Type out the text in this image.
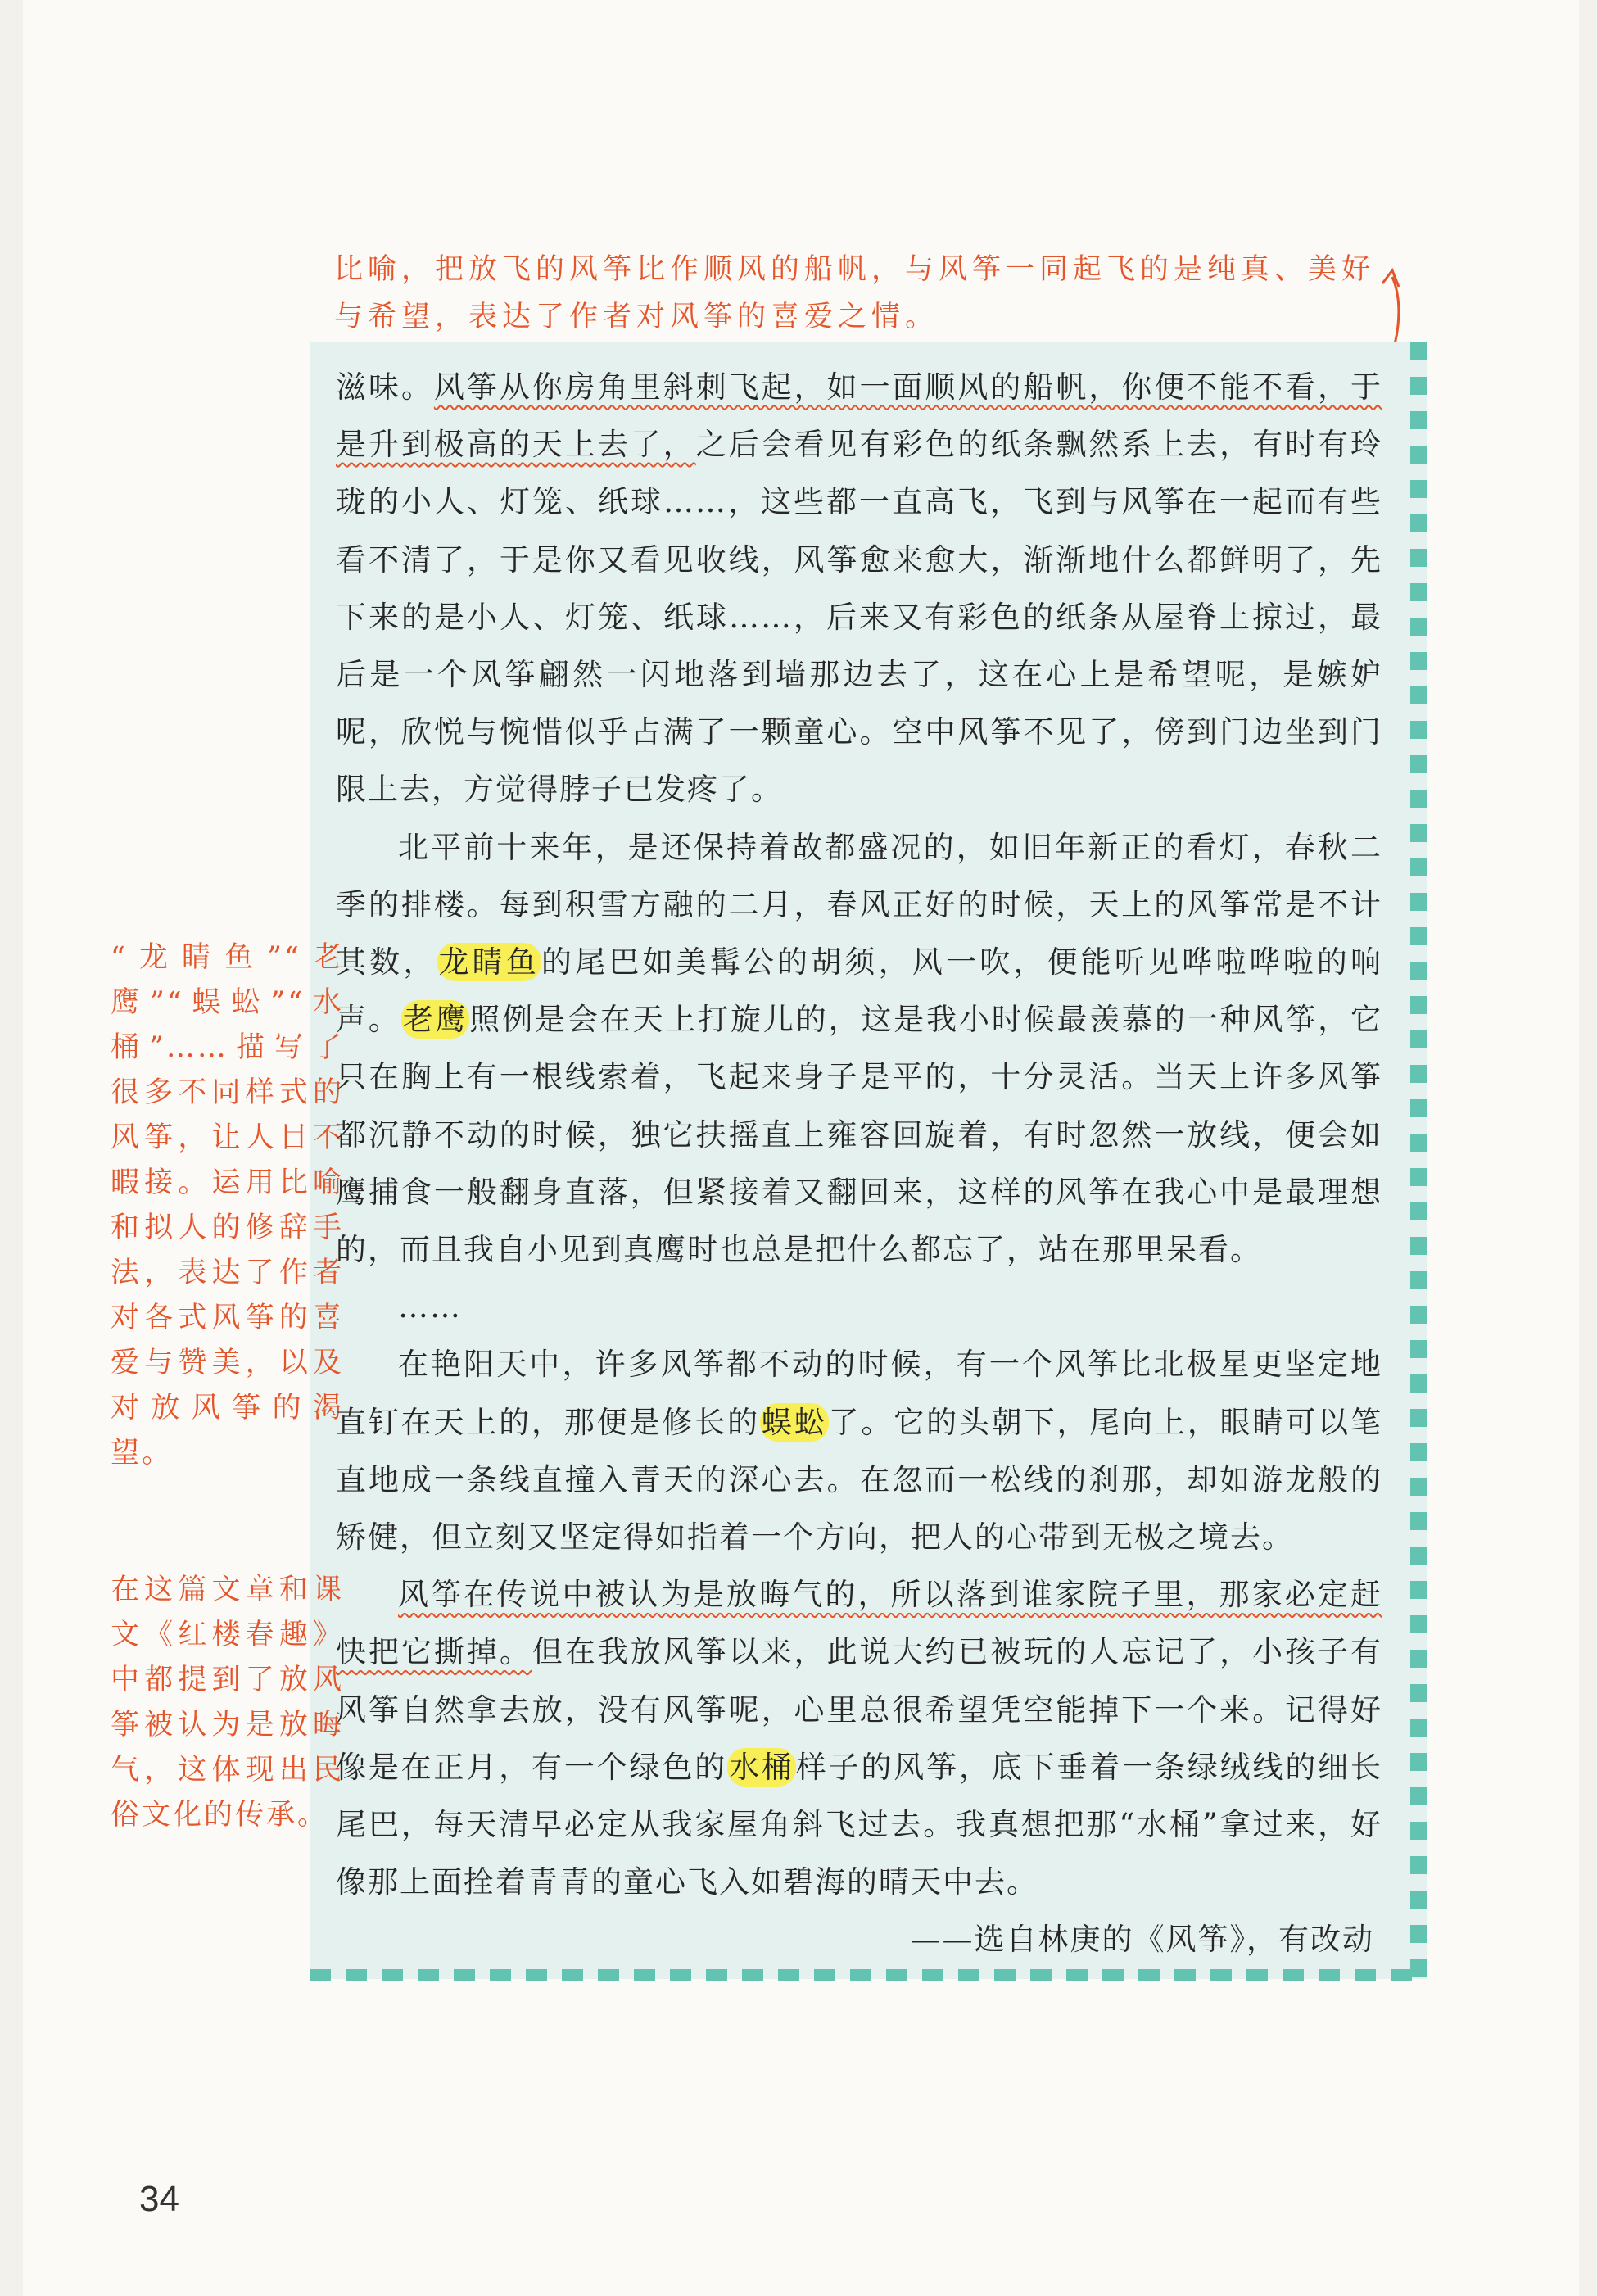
比喻，把放飞的风筝比作顺风的船帆，与风筝一同起飞的是纯真、美好与希望，表达了作者对风筝的喜爱之情。
“龙睛鱼”“老鹰”“蜈蚣”“水桶”……描写了很多不同样式的风筝，让人目不暇接。运用比喻和拟人的修辞手法，表达了作者对各式风筝的喜爱与赞美，以及对放风筝的渴望。
在这篇文章和课文《红楼春趣》中都提到了放风筝被认为是放晦气，这体现出民俗文化的传承。

滋味。风筝从你房角里斜刺飞起，如一面顺风的船帆，你便不能不看，于是升到极高的天上去了，之后会看见有彩色的纸条飘然系上去，有时有玲珑的小人、灯笼、纸球……，这些都一直高飞，飞到与风筝在一起而有些看不清了，于是你又看见收线，风筝愈来愈大，渐渐地什么都鲜明了，先下来的是小人、灯笼、纸球……，后来又有彩色的纸条从屋脊上掠过，最后是一个风筝翩然一闪地落到墙那边去了，这在心上是希望呢，是嫉妒呢，欣悦与惋惜似乎占满了一颗童心。空中风筝不见了，傍到门边坐到门限上去，方觉得脖子已发疼了。

北平前十来年，是还保持着故都盛况的，如旧年新正的看灯，春秋二季的排楼。每到积雪方融的二月，春风正好的时候，天上的风筝常是不计其数，龙睛鱼的尾巴如美髯公的胡须，风一吹，便能听见哗啦哗啦的响声。老鹰照例是会在天上打旋儿的，这是我小时候最羡慕的一种风筝，它只在胸上有一根线索着，飞起来身子是平的，十分灵活。当天上许多风筝都沉静不动的时候，独它扶摇直上雍容回旋着，有时忽然一放线，便会如鹰捕食一般翻身直落，但紧接着又翻回来，这样的风筝在我心中是最理想的，而且我自小见到真鹰时也总是把什么都忘了，站在那里呆看。

……

在艳阳天中，许多风筝都不动的时候，有一个风筝比北极星更坚定地直钉在天上的，那便是修长的蜈蚣了。它的头朝下，尾向上，眼睛可以笔直地成一条线直撞入青天的深心去。在忽而一松线的刹那，却如游龙般的矫健，但立刻又坚定得如指着一个方向，把人的心带到无极之境去。

风筝在传说中被认为是放晦气的，所以落到谁家院子里，那家必定赶快把它撕掉。但在我放风筝以来，此说大约已被玩的人忘记了，小孩子有风筝自然拿去放，没有风筝呢，心里总很希望凭空能掉下一个来。记得好像是在正月，有一个绿色的水桶样子的风筝，底下垂着一条绿绒线的细长尾巴，每天清早必定从我家屋角斜飞过去。我真想把那“水桶”拿过来，好像那上面拴着青青的童心飞入如碧海的晴天中去。

——选自林庚的《风筝》，有改动

34
